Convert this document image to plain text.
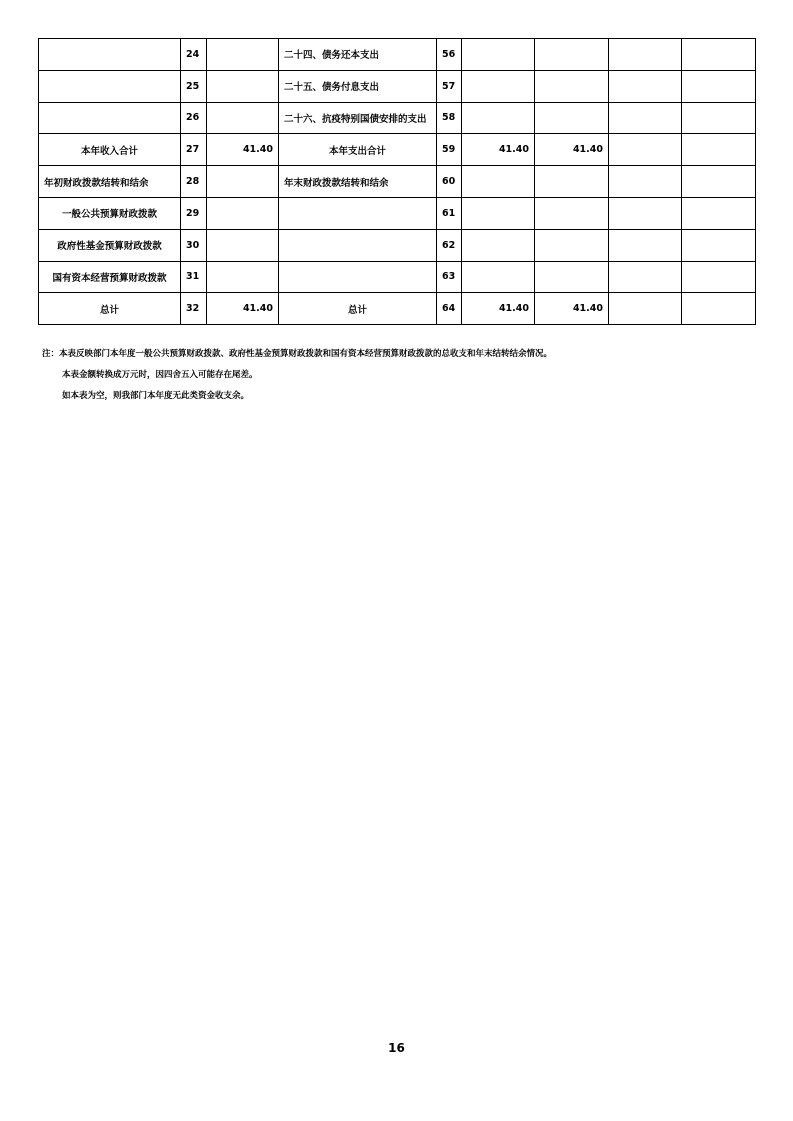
	24		二十四、债务还本支出	56				
	25		二十五、债务付息支出	57				
	26		二十六、抗疫特别国债安排的支出	58				
本年收入合计	27	41.40	本年支出合计	59	41.40	41.40		
年初财政拨款结转和结余	28		年末财政拨款结转和结余	60				
一般公共预算财政拨款	29			61				
政府性基金预算财政拨款	30			62				
国有资本经营预算财政拨款	31			63				
总计	32	41.40	总计	64	41.40	41.40		
注：本表反映部门本年度一般公共预算财政拨款、政府性基金预算财政拨款和国有资本经营预算财政拨款的总收支和年末结转结余情况。
本表金额转换成万元时，因四舍五入可能存在尾差。
如本表为空，则我部门本年度无此类资金收支余。
16
